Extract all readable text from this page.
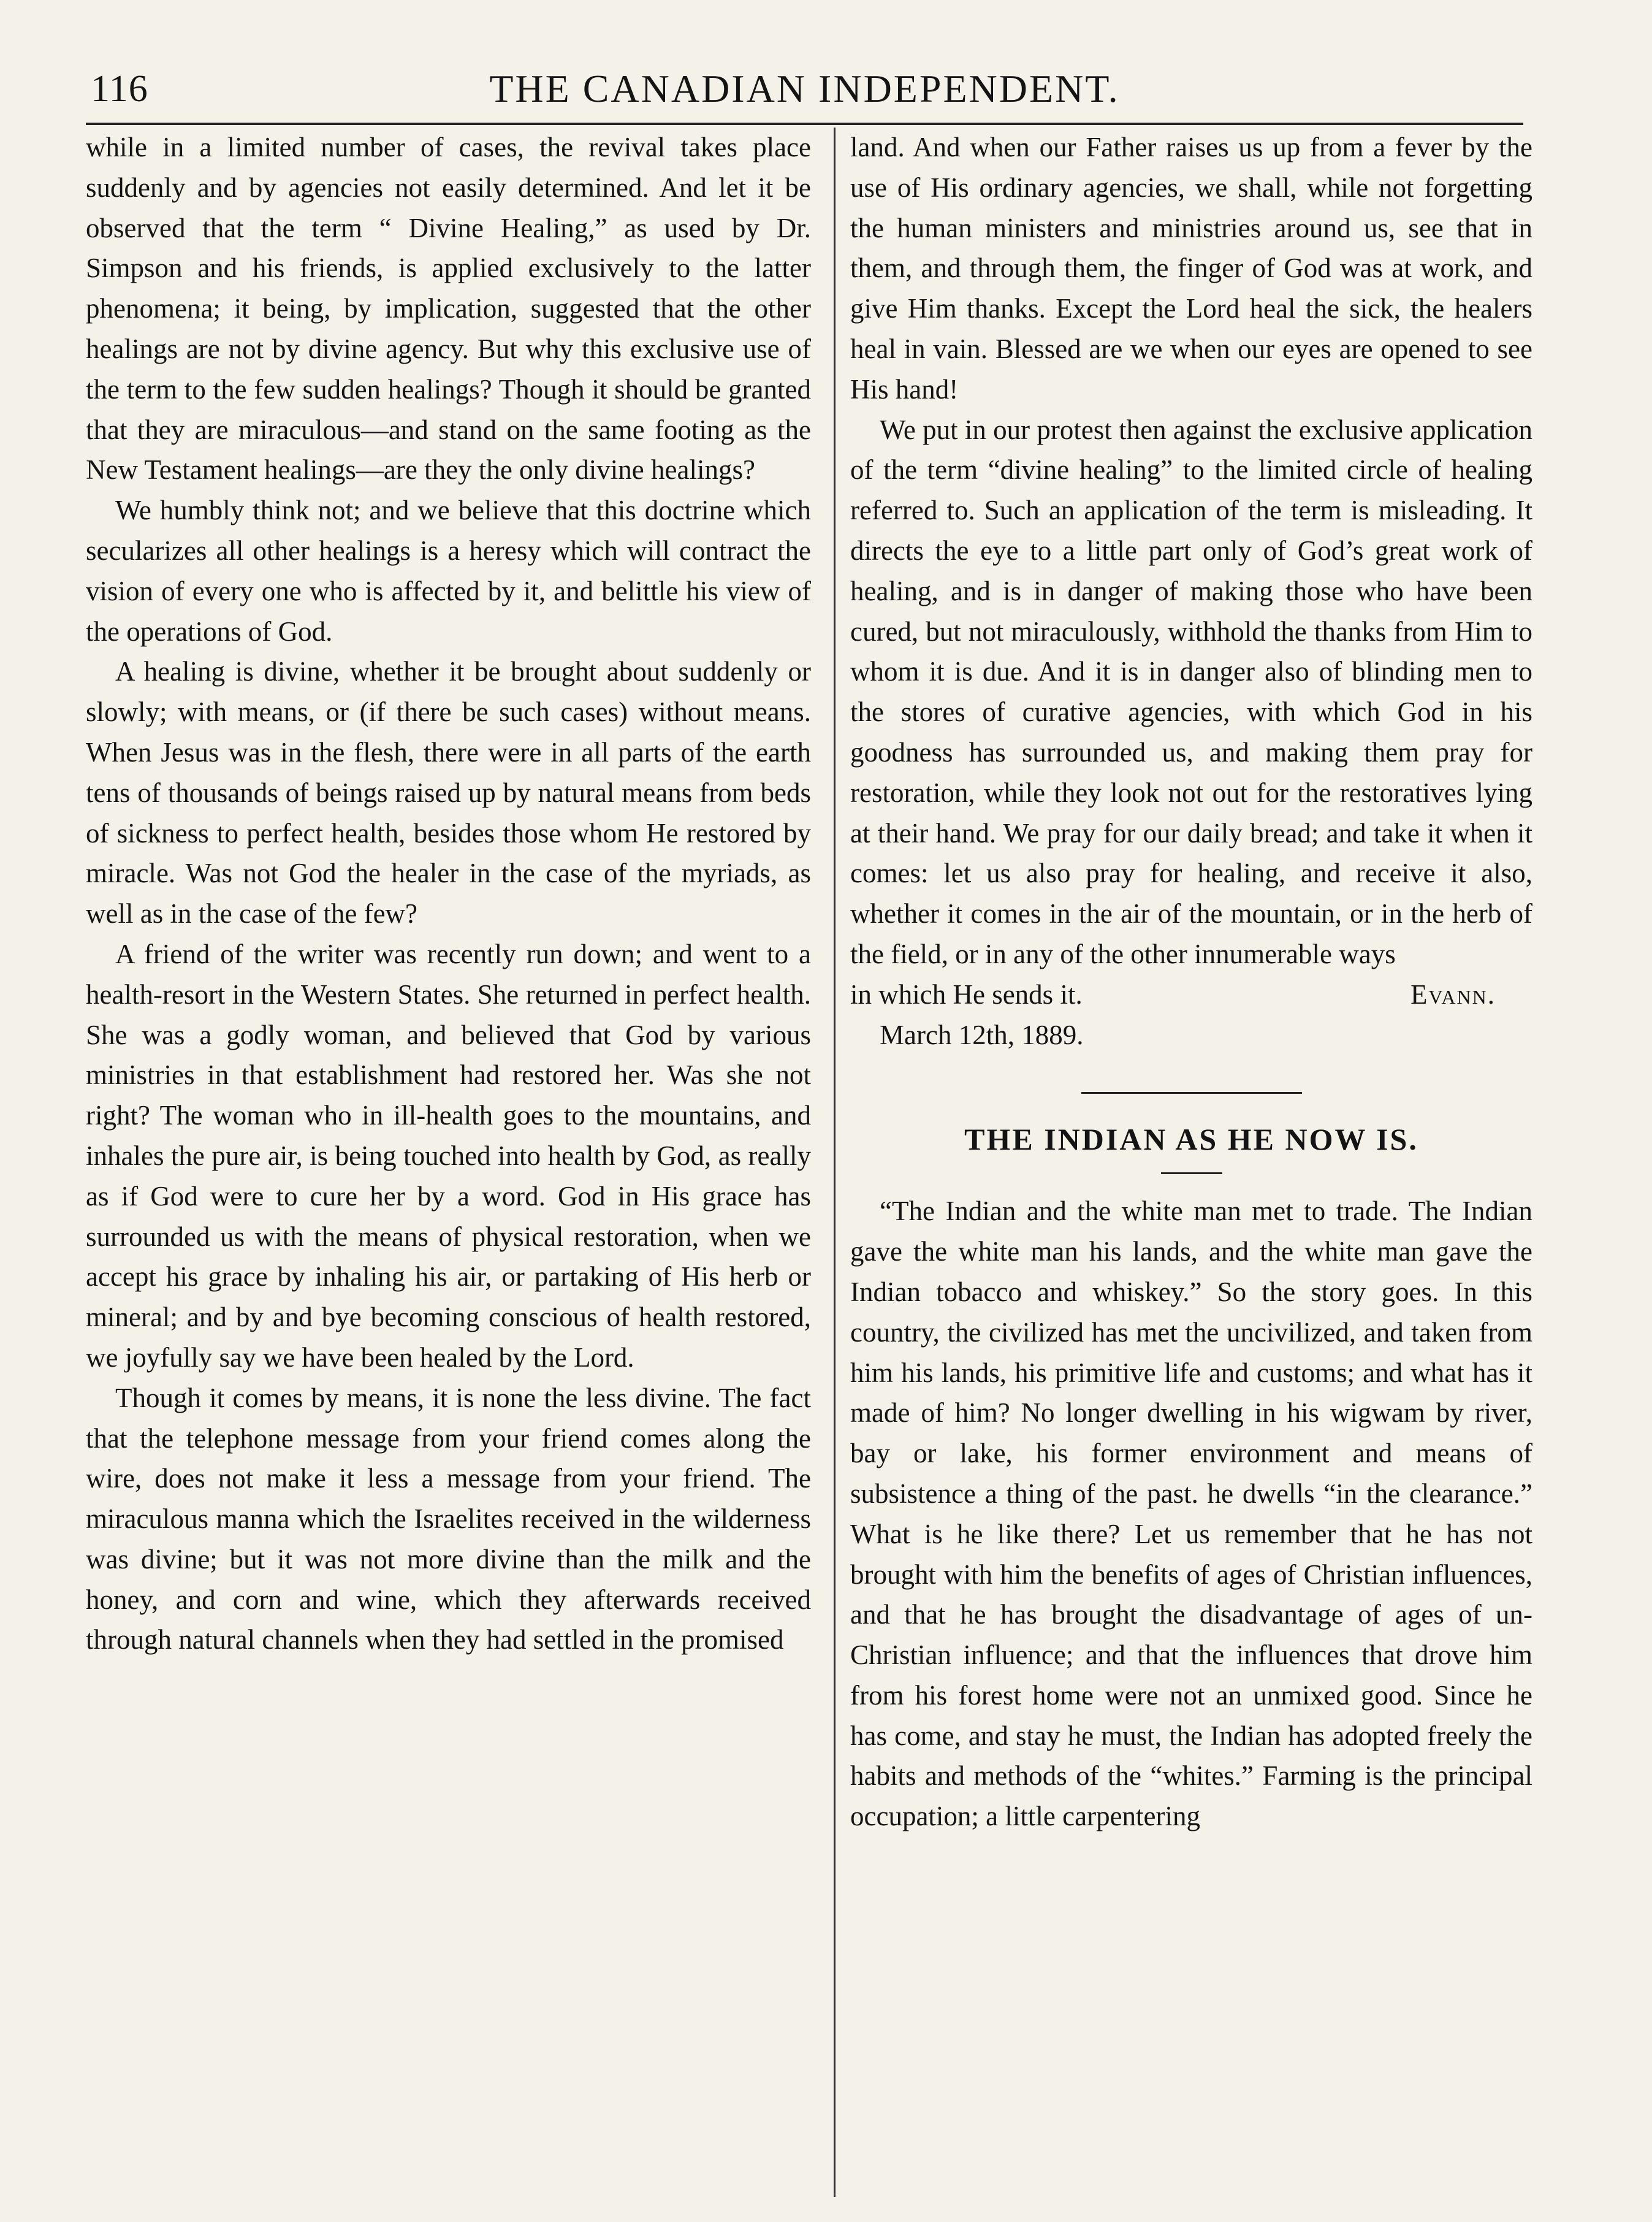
116	THE CANADIAN INDEPENDENT.

while in a limited number of cases, the revival takes place suddenly and by agencies not easily determined. And let it be observed that the term “ Divine Healing,” as used by Dr. Simpson and his friends, is applied exclusively to the latter phenomena; it being, by implication, suggested that the other healings are not by divine agency. But why this exclusive use of the term to the few sudden healings? Though it should be granted that they are miraculous—and stand on the same footing as the New Testament healings—are they the only divine healings?

We humbly think not; and we believe that this doctrine which secularizes all other healings is a heresy which will contract the vision of every one who is affected by it, and belittle his view of the operations of God.

A healing is divine, whether it be brought about suddenly or slowly; with means, or (if there be such cases) without means. When Jesus was in the flesh, there were in all parts of the earth tens of thousands of beings raised up by natural means from beds of sickness to perfect health, besides those whom He restored by miracle. Was not God the healer in the case of the myriads, as well as in the case of the few?

A friend of the writer was recently run down; and went to a health-resort in the Western States. She returned in perfect health. She was a godly woman, and believed that God by various ministries in that establishment had restored her. Was she not right? The woman who in ill-health goes to the mountains, and inhales the pure air, is being touched into health by God, as really as if God were to cure her by a word. God in His grace has surrounded us with the means of physical restoration, when we accept his grace by inhaling his air, or partaking of His herb or mineral; and by and bye becoming conscious of health restored, we joyfully say we have been healed by the Lord.

Though it comes by means, it is none the less divine. The fact that the telephone message from your friend comes along the wire, does not make it less a message from your friend. The miraculous manna which the Israelites received in the wilderness was divine; but it was not more divine than the milk and the honey, and corn and wine, which they afterwards received through natural channels when they had settled in the promised

land. And when our Father raises us up from a fever by the use of His ordinary agencies, we shall, while not forgetting the human ministers and ministries around us, see that in them, and through them, the finger of God was at work, and give Him thanks. Except the Lord heal the sick, the healers heal in vain. Blessed are we when our eyes are opened to see His hand!

We put in our protest then against the exclusive application of the term “divine healing” to the limited circle of healing referred to. Such an application of the term is misleading. It directs the eye to a little part only of God’s great work of healing, and is in danger of making those who have been cured, but not miraculously, withhold the thanks from Him to whom it is due. And it is in danger also of blinding men to the stores of curative agencies, with which God in his goodness has surrounded us, and making them pray for restoration, while they look not out for the restoratives lying at their hand. We pray for our daily bread; and take it when it comes: let us also pray for healing, and receive it also, whether it comes in the air of the mountain, or in the herb of the field, or in any of the other innumerable ways

in which He sends it.	Evann.

March 12th, 1889.

THE INDIAN AS HE NOW IS.

“The Indian and the white man met to trade. The Indian gave the white man his lands, and the white man gave the Indian tobacco and whiskey.” So the story goes. In this country, the civilized has met the uncivilized, and taken from him his lands, his primitive life and customs; and what has it made of him? No longer dwelling in his wigwam by river, bay or lake, his former environment and means of subsistence a thing of the past. he dwells “in the clearance.” What is he like there? Let us remember that he has not brought with him the benefits of ages of Christian influences, and that he has brought the disadvantage of ages of un-Christian influence; and that the influences that drove him from his forest home were not an unmixed good. Since he has come, and stay he must, the Indian has adopted freely the habits and methods of the “whites.” Farming is the principal occupation; a little carpentering
